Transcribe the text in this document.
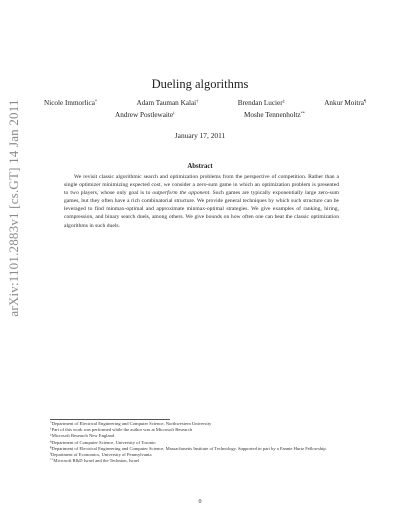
arXiv:1101.2883v1 [cs.GT] 14 Jan 2011
Dueling algorithms
Nicole Immorlica*	Adam Tauman Kalai†	Brendan Lucier‡	Ankur Moitra¶
Andrew Postlewaite‖	Moshe Tennenholtz**
January 17, 2011
Abstract

We revisit classic algorithmic search and optimization problems from the perspective of competition. Rather than a single optimizer minimizing expected cost, we consider a zero-sum game in which an optimization problem is presented to two players, whose only goal is to outperform the opponent. Such games are typically exponentially large zero-sum games, but they often have a rich combinatorial structure. We provide general techniques by which such structure can be leveraged to find minmax-optimal and approximate minmax-optimal strategies. We give examples of ranking, hiring, compression, and binary search duels, among others. We give bounds on how often one can beat the classic optimization algorithms in such duels.

*Department of Electrical Engineering and Computer Science, Northwestern University
†Part of this work was performed while the author was at Microsoft Research
‡Microsoft Research New England
§Department of Computer Science, University of Toronto
¶Department of Electrical Engineering and Computer Science, Massachusetts Institute of Technology. Supported in part by a Fannie Hurtz Fellowship.
‖Department of Economics, University of Pennsylvania
**Microsoft R&D Israel and the Technion, Israel
0
